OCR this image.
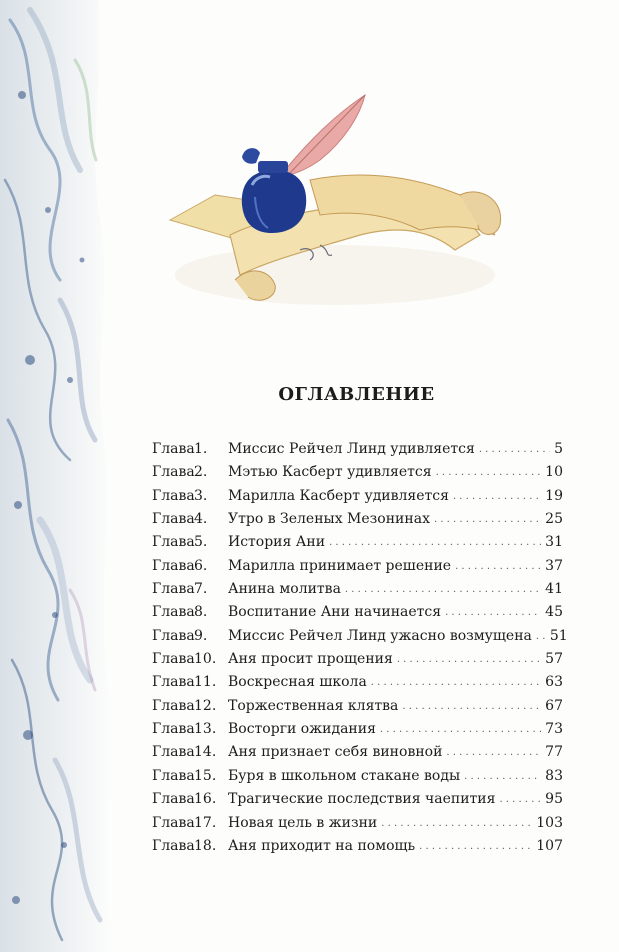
ОГЛАВЛЕНИЕ
Глава 1. Миссис Рейчел Линд удивляется . . .	5
Глава 2. Мэтью Касберт удивляется . . .	10
Глава 3. Марилла Касберт удивляется . . .	19
Глава 4. Утро в Зеленых Мезонинах . . .	25
Глава 5. История Ани . . .	31
Глава 6. Марилла принимает решение . . .	37
Глава 7. Анина молитва . . .	41
Глава 8. Воспитание Ани начинается . . .	45
Глава 9. Миссис Рейчел Линд ужасно возмущена . . . 51
Глава 10. Аня просит прощения . . .	57
Глава 11. Воскресная школа . . .	63
Глава 12. Торжественная клятва . . .	67
Глава 13. Восторги ожидания . . .	73
Глава 14. Аня признает себя виновной . . .	77
Глава 15. Буря в школьном стакане воды . . .	83
Глава 16. Трагические последствия чаепития . . .	95
Глава 17. Новая цель в жизни . . .	103
Глава 18. Аня приходит на помощь . . .	107
